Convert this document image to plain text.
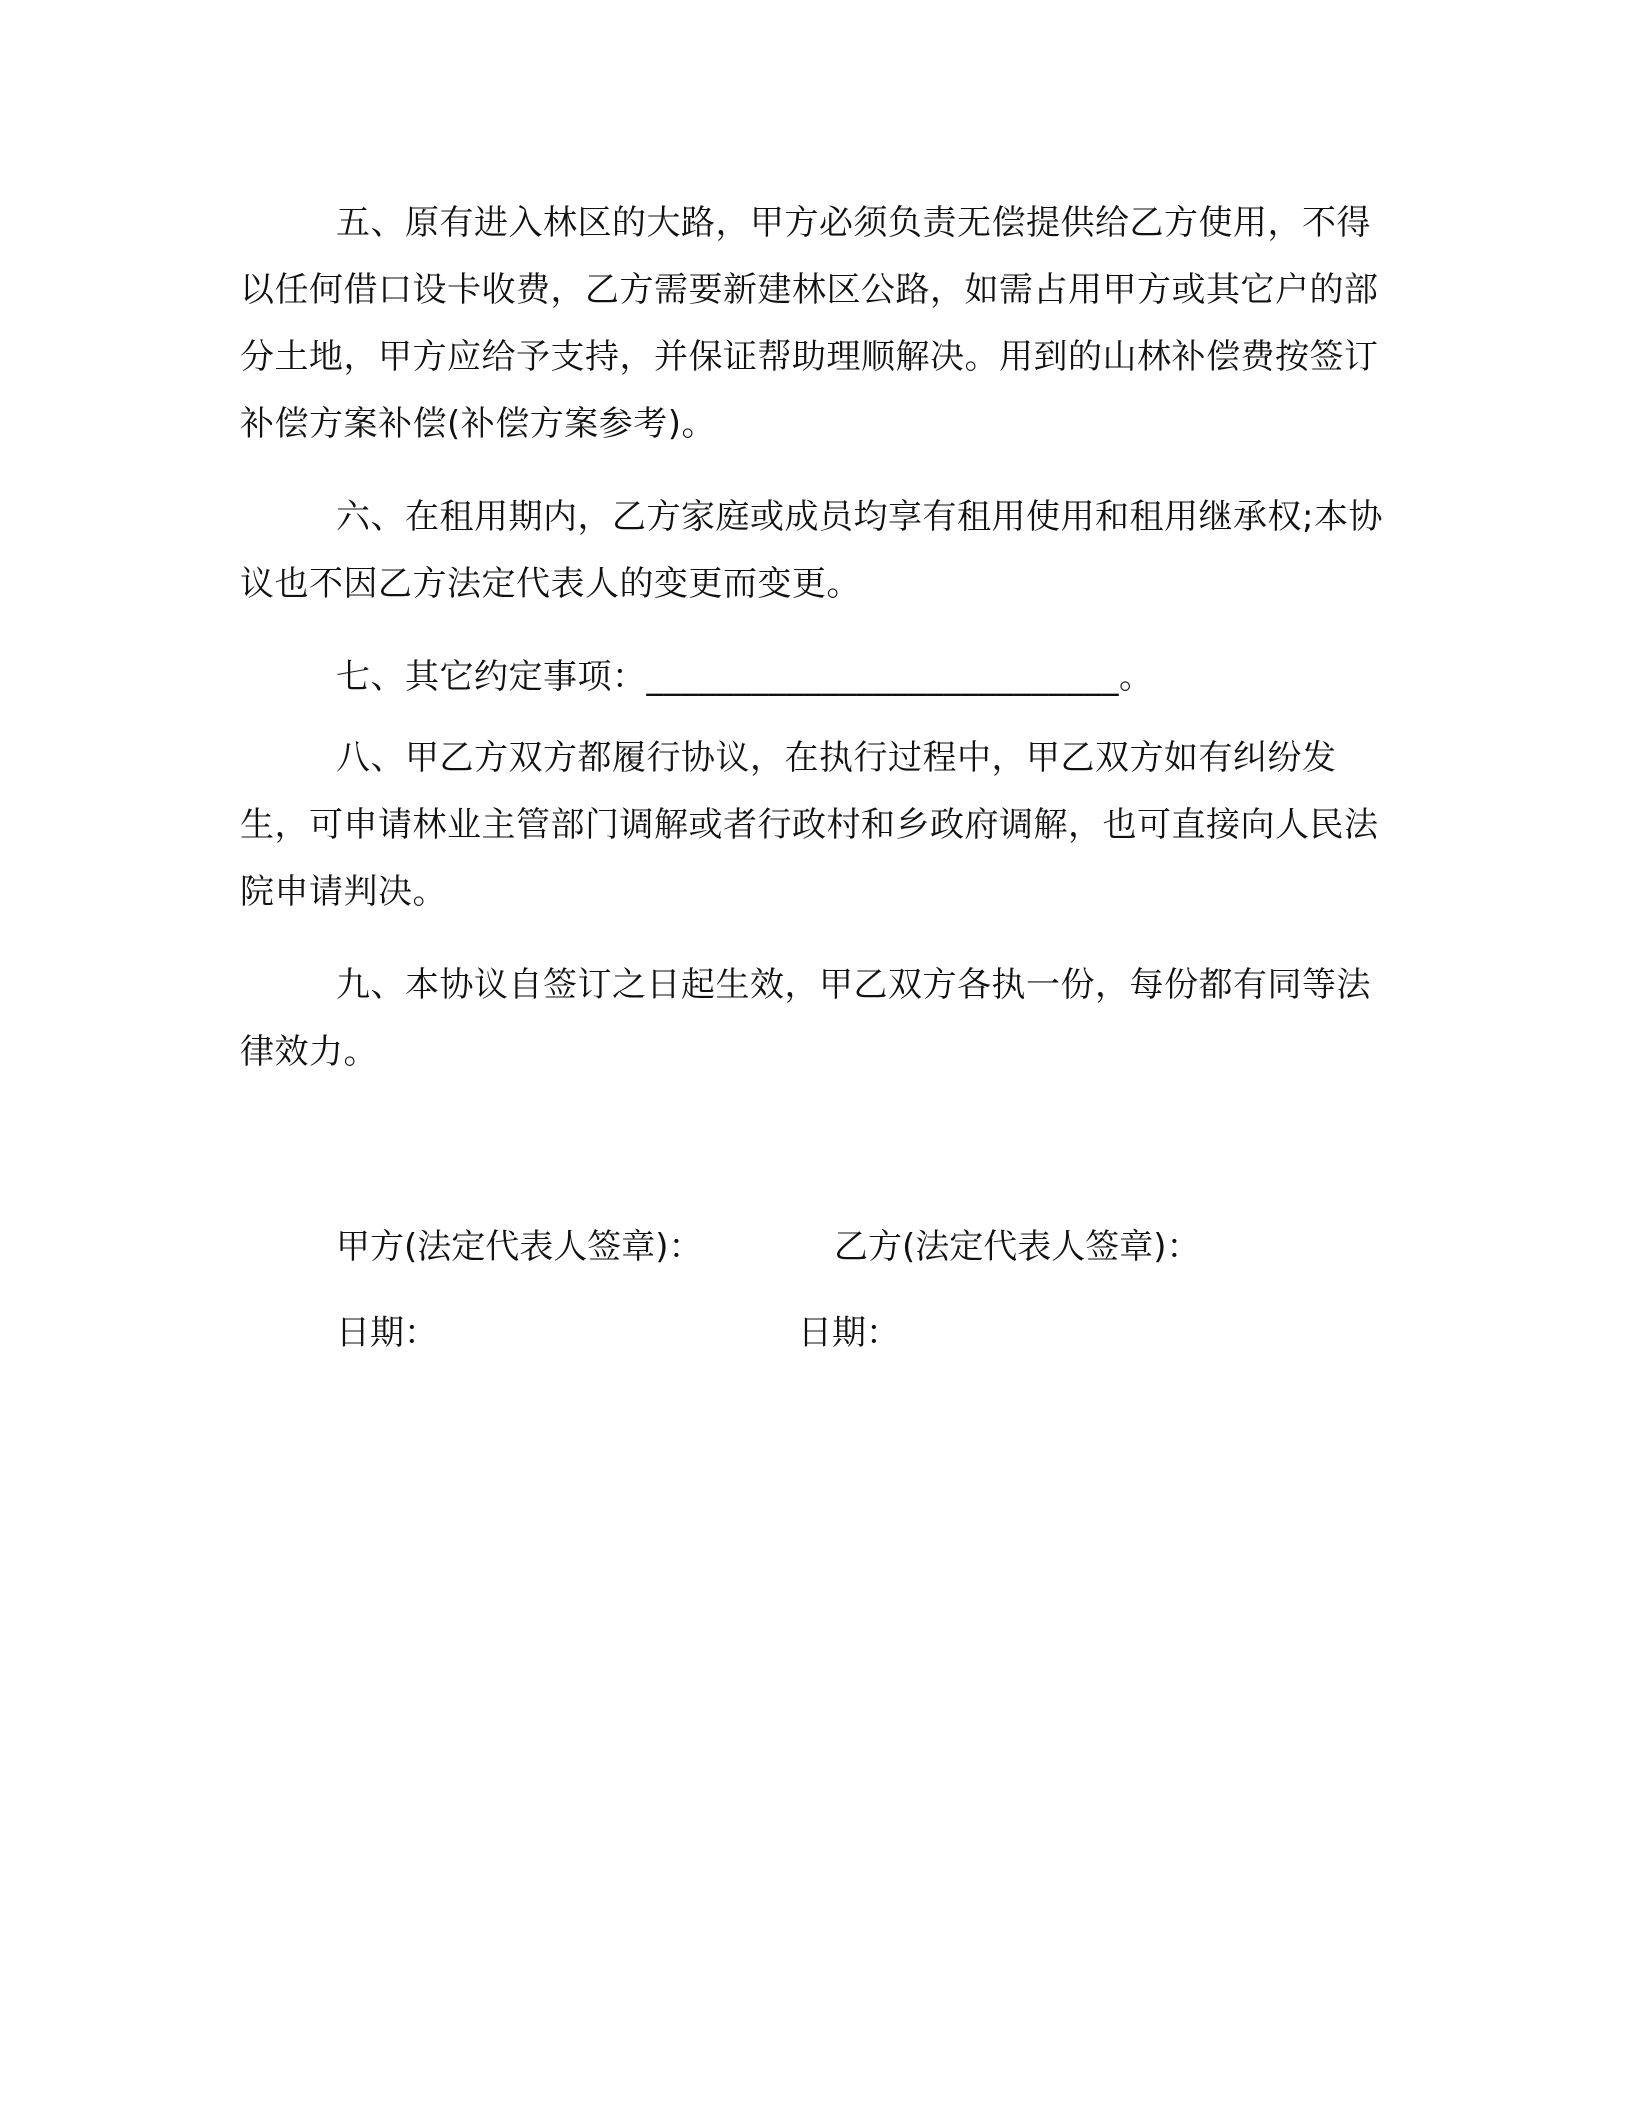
五、原有进入林区的大路，甲方必须负责无偿提供给乙方使用，不得以任何借口设卡收费，乙方需要新建林区公路，如需占用甲方或其它户的部分土地，甲方应给予支持，并保证帮助理顺解决。用到的山林补偿费按签订补偿方案补偿(补偿方案参考)。

六、在租用期内，乙方家庭或成员均享有租用使用和租用继承权;本协议也不因乙方法定代表人的变更而变更。

七、其它约定事项：___________________________。

八、甲乙方双方都履行协议，在执行过程中，甲乙双方如有纠纷发生，可申请林业主管部门调解或者行政村和乡政府调解，也可直接向人民法院申请判决。

九、本协议自签订之日起生效，甲乙双方各执一份，每份都有同等法律效力。

甲方(法定代表人签章)：	乙方(法定代表人签章)：
日期：	日期：
